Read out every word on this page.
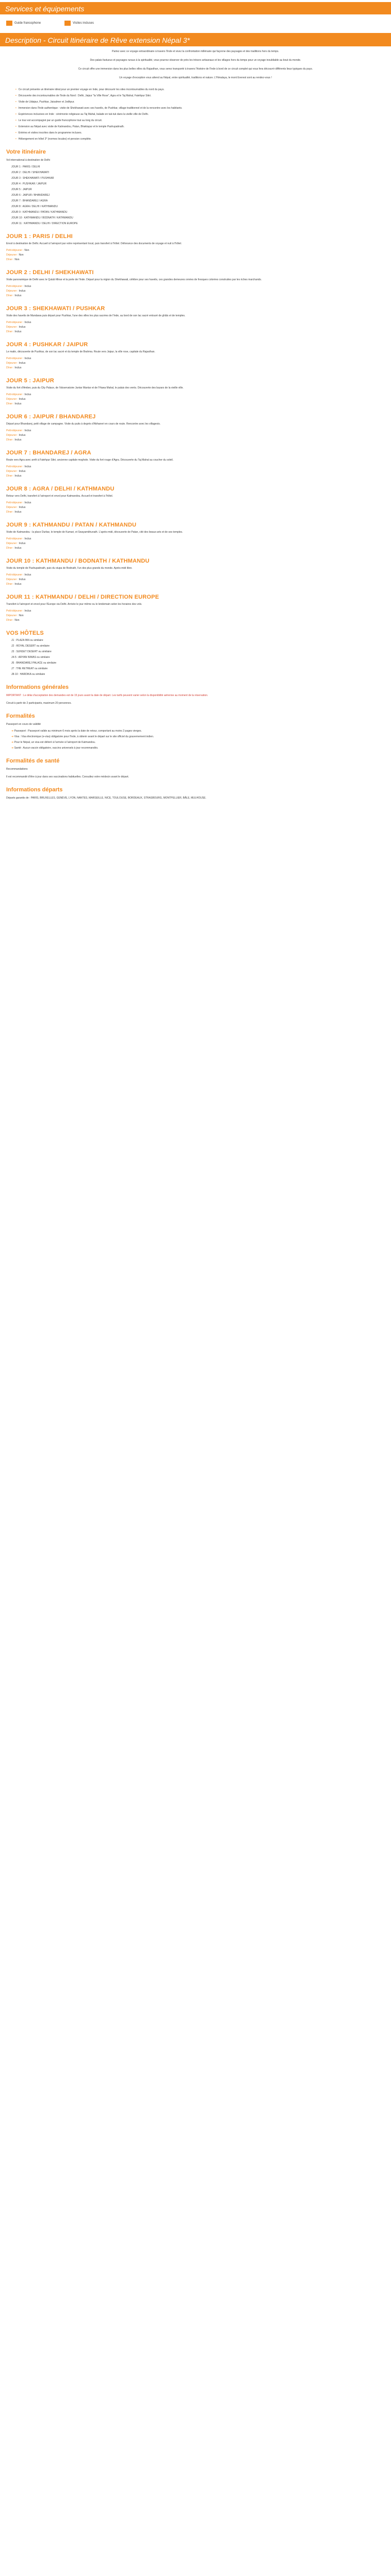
Services et équipements
Guide francophone	Visites incluses
Description - Circuit Itinéraire de Rêve extension Népal 3*

Partez avec ce voyage extraordinaire à travers l'Inde et vivez la confrontation millénaire qui façonne des paysages et des traditions hors du temps.

Des palais fastueux et paysages ruraux à la spiritualité, vous pourrez observer de près les trésors artisanaux et les villages hors du temps pour un voyage inoubliable au bout du monde.

Ce circuit offre une immersion dans les plus belles villes du Rajasthan, vous serez transporté à travers l'histoire de l'Inde à bord de ce circuit complet qui vous fera découvrir différents lieux typiques du pays.

Un voyage d'exception vous attend au Népal, entre spiritualité, traditions et nature. L'Himalaya, le mont Everest sont au rendez-vous !

• Ce circuit présente un itinéraire idéal pour un premier voyage en Inde, pour découvrir les sites incontournables du nord du pays.
• Découverte des incontournables de l'Inde du Nord : Delhi, Jaipur "la Ville Rose", Agra et le Taj Mahal, Fatehpur Sikri.
• Visite de Udaipur, Pushkar, Jaisalmer et Jodhpur.
• Immersion dans l'Inde authentique : visite de Shekhawati avec ses havelis, de Pushkar, village traditionnel et de la rencontre avec les habitants.
• Expériences inclusives en Inde : cérémonie religieuse au Taj Mahal, balade en tuk-tuk dans la vieille ville de Delhi.
• Le tour est accompagné par un guide francophone tout au long du circuit.
• Extension au Népal avec visite de Katmandou, Patan, Bhaktapur et le temple Pashupatinath.
• Entrées et visites inscrites dans le programme incluses.
• Hébergement en hôtel 3* (normes locales) et pension complète.
Votre itinéraire

Vol international à destination de Delhi

JOUR 1 : PARIS / DELHI
JOUR 2 : DELHI / SHEKHAWATI
JOUR 3 : SHEKHAWATI / PUSHKAR
JOUR 4 : PUSHKAR / JAIPUR
JOUR 5 : JAIPUR
JOUR 6 : JAIPUR / BHANDAREJ
JOUR 7 : BHANDAREJ / AGRA
JOUR 8 : AGRA / DELHI / KATHMANDU
JOUR 9 : KATHMANDU / PATAN / KATHMANDU
JOUR 10 : KATHMANDU / BODNATH / KATHMANDU
JOUR 11 : KATHMANDU / DELHI / DIRECTION EUROPE
JOUR 1 : PARIS / DELHI

Envol à destination de Delhi. Accueil à l'aéroport par votre représentant local, puis transfert à l'hôtel. Délivrance des documents de voyage et nuit à l'hôtel.

Petit-déjeuner : Non
Déjeuner : Non
Dîner : Non
JOUR 2 : DELHI / SHEKHAWATI

Visite panoramique de Delhi avec le Qutub Minar et la porte de l'Inde. Départ pour la région du Shekhawati, célèbre pour ses havelis, ces grandes demeures ornées de fresques colorées construites par les riches marchands.

Petit-déjeuner : Inclus
Déjeuner : Inclus
Dîner : Inclus
JOUR 3 : SHEKHAWATI / PUSHKAR

Visite des havelis de Mandawa puis départ pour Pushkar, l'une des villes les plus sacrées de l'Inde, au bord de son lac sacré entouré de ghâts et de temples.

Petit-déjeuner : Inclus
Déjeuner : Inclus
Dîner : Inclus
JOUR 4 : PUSHKAR / JAIPUR

Le matin, découverte de Pushkar, de son lac sacré et du temple de Brahma. Route vers Jaipur, la ville rose, capitale du Rajasthan.

Petit-déjeuner : Inclus
Déjeuner : Inclus
Dîner : Inclus
JOUR 5 : JAIPUR

Visite du fort d'Amber, puis du City Palace, de l'observatoire Jantar Mantar et de l'Hawa Mahal, le palais des vents. Découverte des bazars de la vieille ville.

Petit-déjeuner : Inclus
Déjeuner : Inclus
Dîner : Inclus
JOUR 6 : JAIPUR / BHANDAREJ

Départ pour Bhandarej, petit village de campagne. Visite du puits à degrés d'Abhaneri en cours de route. Rencontre avec les villageois.

Petit-déjeuner : Inclus
Déjeuner : Inclus
Dîner : Inclus
JOUR 7 : BHANDAREJ / AGRA

Route vers Agra avec arrêt à Fatehpur Sikri, ancienne capitale moghole. Visite du fort rouge d'Agra. Découverte du Taj Mahal au coucher du soleil.

Petit-déjeuner : Inclus
Déjeuner : Inclus
Dîner : Inclus
JOUR 8 : AGRA / DELHI / KATHMANDU

Retour vers Delhi, transfert à l'aéroport et envol pour Katmandou. Accueil et transfert à l'hôtel.

Petit-déjeuner : Inclus
Déjeuner : Inclus
Dîner : Inclus
JOUR 9 : KATHMANDU / PATAN / KATHMANDU

Visite de Katmandou : la place Durbar, le temple de Kumari, et Swayambhunath. L'après-midi, découverte de Patan, cité des beaux-arts et de ses temples.

Petit-déjeuner : Inclus
Déjeuner : Inclus
Dîner : Inclus
JOUR 10 : KATHMANDU / BODNATH / KATHMANDU

Visite du temple de Pashupatinath, puis du stupa de Bodnath, l'un des plus grands du monde. Après-midi libre.

Petit-déjeuner : Inclus
Déjeuner : Inclus
Dîner : Inclus
JOUR 11 : KATHMANDU / DELHI / DIRECTION EUROPE

Transfert à l'aéroport et envol pour l'Europe via Delhi. Arrivée le jour même ou le lendemain selon les horaires des vols.

Petit-déjeuner : Inclus
Déjeuner : Non
Dîner : Non
VOS HÔTELS
J1 : PLAZA INN ou similaire
J2 : ROYAL DESERT ou similaire
J3 : SUNSET DESERT ou similaire
J4-5 : ARYAN NIWAS ou similaire
J6 : BHANDAREJ PALACE ou similaire
J7 : THE RETREAT ou similaire
J8-10 : HARDIKA ou similaire
Informations générales

IMPORTANT : Le délai d'acceptation des demandes est de 15 jours avant la date de départ. Les tarifs peuvent varier selon la disponibilité aérienne au moment de la réservation.

Circuit à partir de 2 participants, maximum 20 personnes.

Formalités

Passeport en cours de validité

➔ Passeport : Passeport valide au minimum 6 mois après la date de retour, comportant au moins 2 pages vierges.
➔ Visa : Visa électronique (e-visa) obligatoire pour l'Inde, à obtenir avant le départ sur le site officiel du gouvernement indien.
➔ Pour le Népal, un visa est délivré à l'arrivée à l'aéroport de Katmandou.
➔ Santé : Aucun vaccin obligatoire, vaccins universels à jour recommandés.
Formalités de santé

Recommandations

Il est recommandé d'être à jour dans ses vaccinations habituelles. Consultez votre médecin avant le départ.

Informations départs

Départs garantis de : PARIS, BRUXELLES, GENÈVE, LYON, NANTES, MARSEILLE, NICE, TOULOUSE, BORDEAUX, STRASBOURG, MONTPELLIER, BÂLE, MULHOUSE.
